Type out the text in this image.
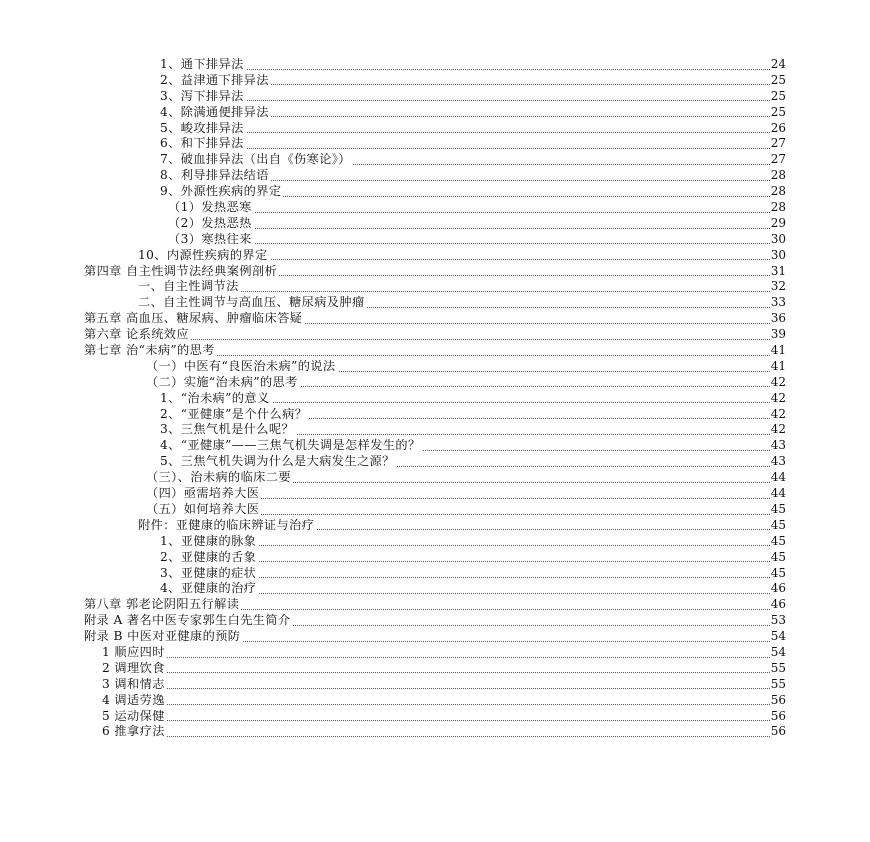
1、通下排异法	24
2、益津通下排异法	25
3、泻下排异法	25
4、除满通便排异法	25
5、峻攻排异法	26
6、和下排异法	27
7、破血排异法（出自《伤寒论》）	27
8、利导排异法结语	28
9、外源性疾病的界定	28
（1）发热恶寒	28
（2）发热恶热	29
（3）寒热往来	30
10、内源性疾病的界定	30
第四章 自主性调节法经典案例剖析	31
一、自主性调节法	32
二、自主性调节与高血压、糖尿病及肿瘤	33
第五章 高血压、糖尿病、肿瘤临床答疑	36
第六章 论系统效应	39
第七章 治“未病”的思考	41
（一）中医有“良医治未病”的说法	41
（二）实施“治未病”的思考	42
1、“治未病”的意义	42
2、“亚健康”是个什么病？	42
3、三焦气机是什么呢？	42
4、“亚健康”——三焦气机失调是怎样发生的？	43
5、三焦气机失调为什么是大病发生之源？	43
（三）、治未病的临床二要	44
（四）亟需培养大医	44
（五）如何培养大医	45
附件：亚健康的临床辨证与治疗	45
1、亚健康的脉象	45
2、亚健康的舌象	45
3、亚健康的症状	45
4、亚健康的治疗	46
第八章 郭老论阴阳五行解读	46
附录 A 著名中医专家郭生白先生简介	53
附录 B 中医对亚健康的预防	54
1 顺应四时	54
2 调理饮食	55
3 调和情志	55
4 调适劳逸	56
5 运动保健	56
6 推拿疗法	56
